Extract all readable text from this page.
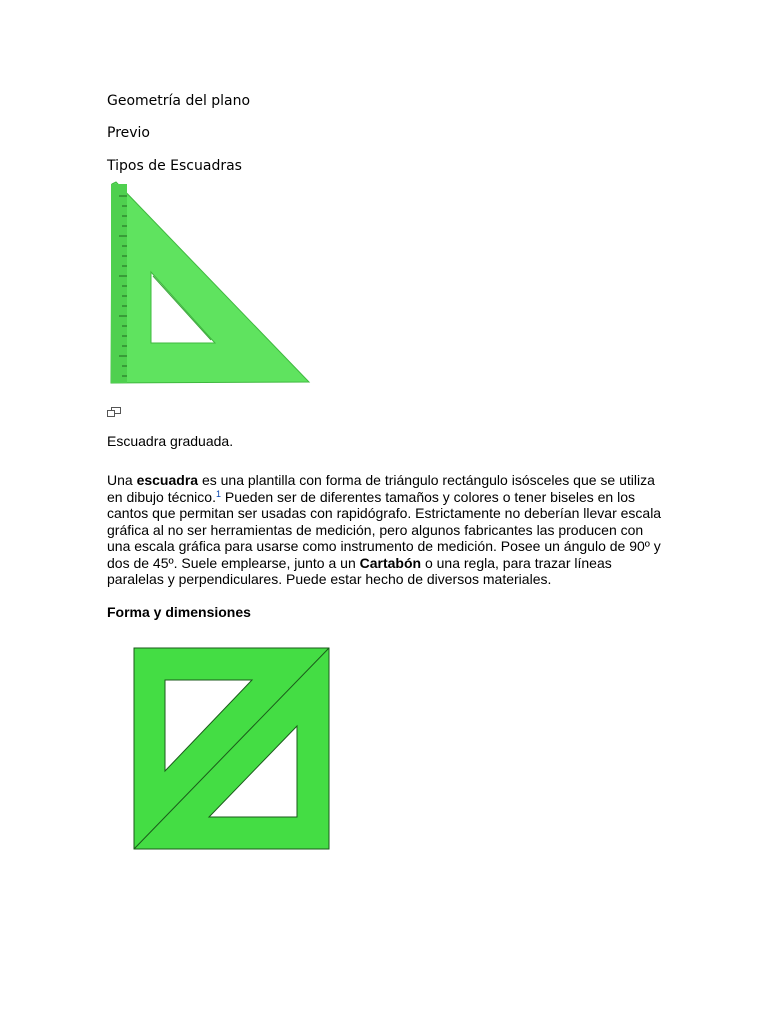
Geometría del plano
Previo
Tipos de Escuadras
Escuadra graduada.

Una escuadra es una plantilla con forma de triángulo rectángulo isósceles que se utiliza en dibujo técnico.$^1$ Pueden ser de diferentes tamaños y colores o tener biseles en los cantos que permitan ser usadas con rapidógrafo. Estrictamente no deberían llevar escala gráfica al no ser herramientas de medición, pero algunos fabricantes las producen con una escala gráfica para usarse como instrumento de medición. Posee un ángulo de 90º y dos de 45º. Suele emplearse, junto a un Cartabón o una regla, para trazar líneas paralelas y perpendiculares. Puede estar hecho de diversos materiales.

Forma y dimensiones
